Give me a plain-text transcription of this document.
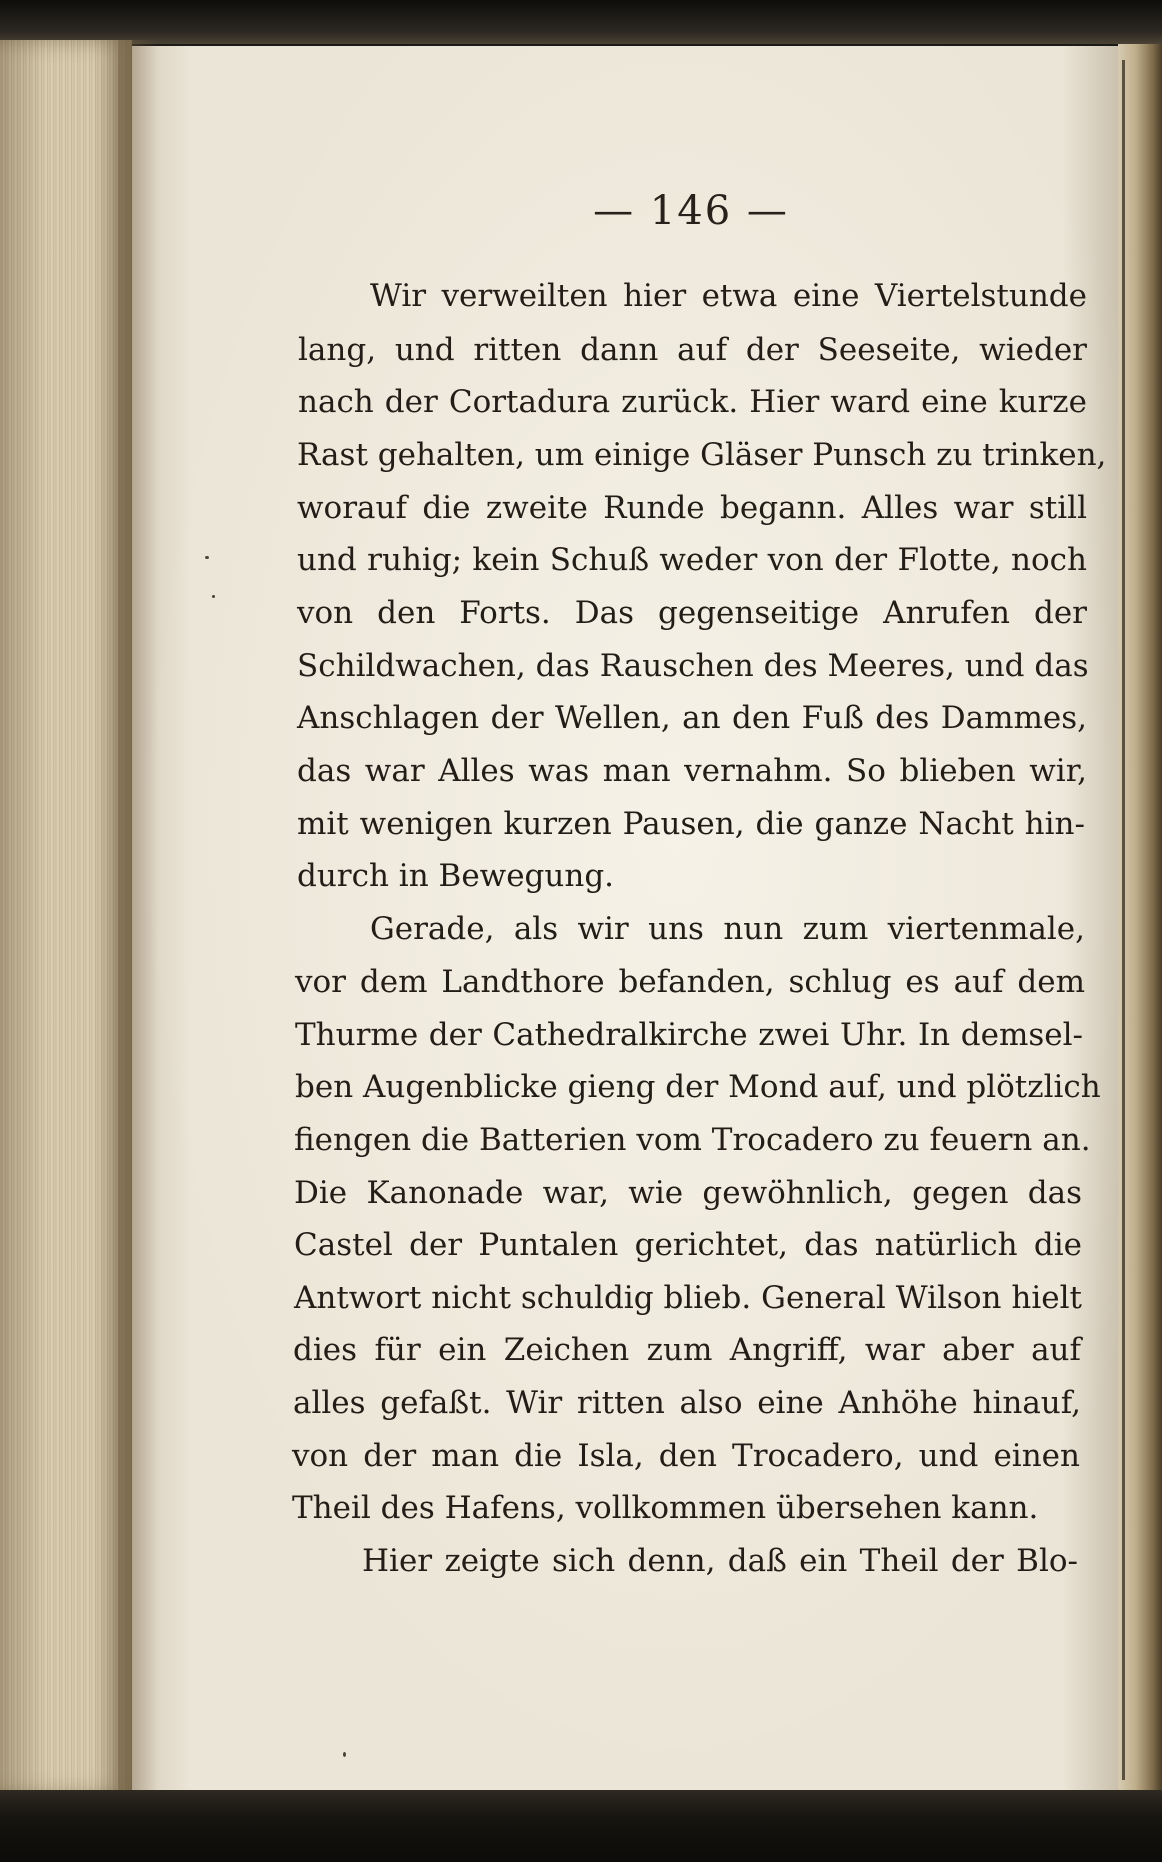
— 146 —
Wir verweilten hier etwa eine Viertelstunde
lang, und ritten dann auf der Seeseite, wieder
nach der Cortadura zurück. Hier ward eine kurze
Rast gehalten, um einige Gläser Punsch zu trinken,
worauf die zweite Runde begann. Alles war still
und ruhig; kein Schuß weder von der Flotte, noch
von den Forts. Das gegenseitige Anrufen der
Schildwachen, das Rauschen des Meeres, und das
Anschlagen der Wellen, an den Fuß des Dammes,
das war Alles was man vernahm. So blieben wir,
mit wenigen kurzen Pausen, die ganze Nacht hin-
durch in Bewegung.
Gerade, als wir uns nun zum viertenmale,
vor dem Landthore befanden, schlug es auf dem
Thurme der Cathedralkirche zwei Uhr. In demsel-
ben Augenblicke gieng der Mond auf, und plötzlich
fiengen die Batterien vom Trocadero zu feuern an.
Die Kanonade war, wie gewöhnlich, gegen das
Castel der Puntalen gerichtet, das natürlich die
Antwort nicht schuldig blieb. General Wilson hielt
dies für ein Zeichen zum Angriff, war aber auf
alles gefaßt. Wir ritten also eine Anhöhe hinauf,
von der man die Isla, den Trocadero, und einen
Theil des Hafens, vollkommen übersehen kann.
Hier zeigte sich denn, daß ein Theil der Blo-
